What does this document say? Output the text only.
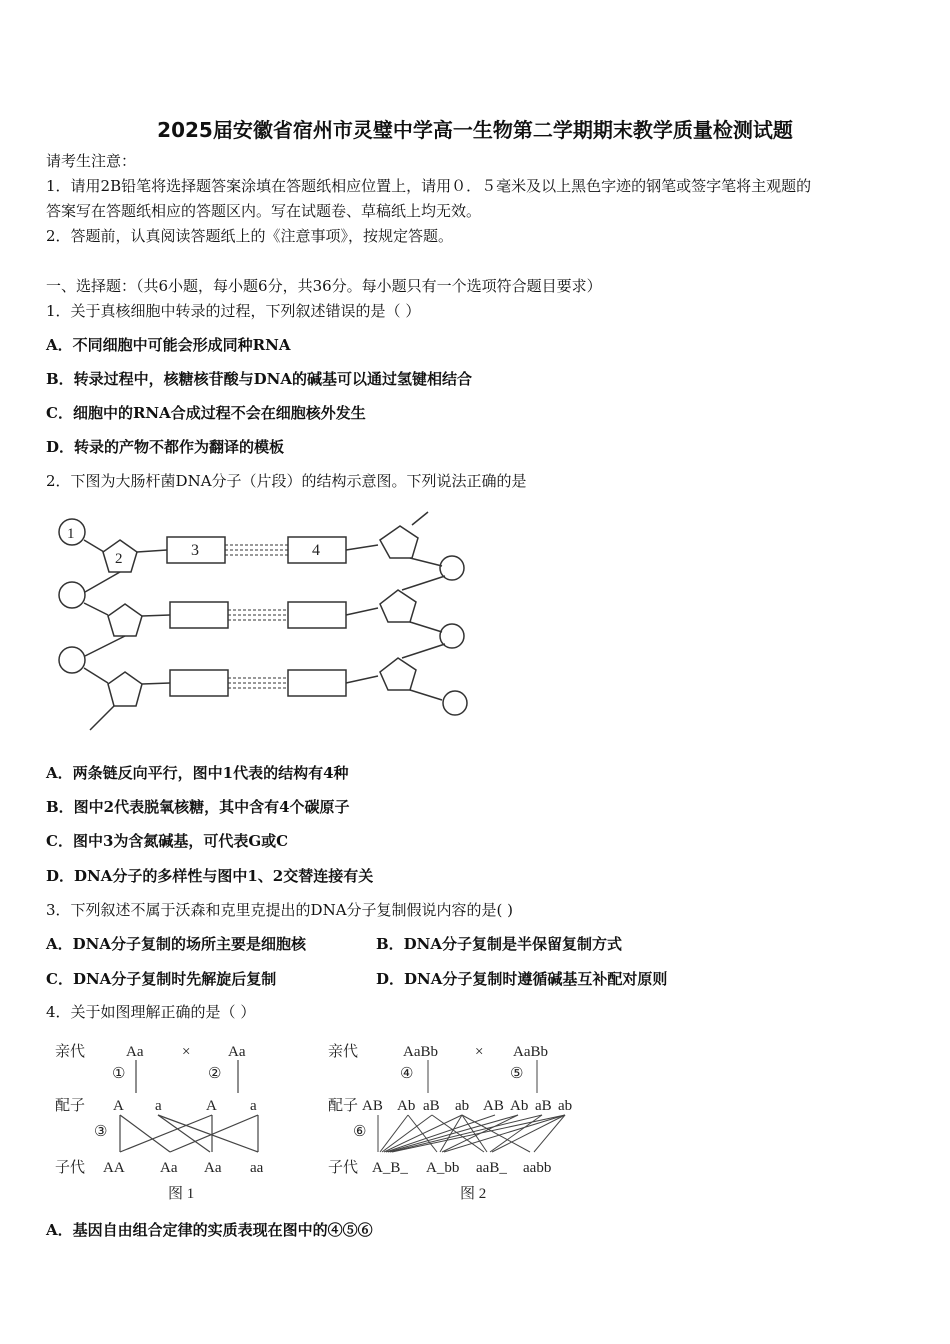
2025届安徽省宿州市灵璧中学高一生物第二学期期末教学质量检测试题
请考生注意：
1．请用2B铅笔将选择题答案涂填在答题纸相应位置上，请用０．５毫米及以上黑色字迹的钢笔或签字笔将主观题的
答案写在答题纸相应的答题区内。写在试题卷、草稿纸上均无效。
2．答题前，认真阅读答题纸上的《注意事项》，按规定答题。
一、选择题：（共6小题，每小题6分，共36分。每小题只有一个选项符合题目要求）
1．关于真核细胞中转录的过程，下列叙述错误的是（ ）
A．不同细胞中可能会形成同种RNA
B．转录过程中，核糖核苷酸与DNA的碱基可以通过氢键相结合
C．细胞中的RNA合成过程不会在细胞核外发生
D．转录的产物不都作为翻译的模板
2．下图为大肠杆菌DNA分子（片段）的结构示意图。下列说法正确的是
1
2	3	4
A．两条链反向平行，图中1代表的结构有4种
B．图中2代表脱氧核糖，其中含有4个碳原子
C．图中3为含氮碱基，可代表G或C
D．DNA分子的多样性与图中1、2交替连接有关
3．下列叙述不属于沃森和克里克提出的DNA分子复制假说内容的是( )
A．DNA分子复制的场所主要是细胞核	B．DNA分子复制是半保留复制方式
C．DNA分子复制时先解旋后复制	D．DNA分子复制时遵循碱基互补配对原则
4．关于如图理解正确的是（ ）
亲代	Aa	×	Aa
①	②
配子 A a	A a
③
子代 AA Aa Aa aa
图 1
亲代	AaBb × AaBb
④	⑤
配子 AB Ab aB ab AB Ab aB ab
⑥
子代 A_B_ A_bb aaB_ aabb
图 2
A．基因自由组合定律的实质表现在图中的④⑤⑥
